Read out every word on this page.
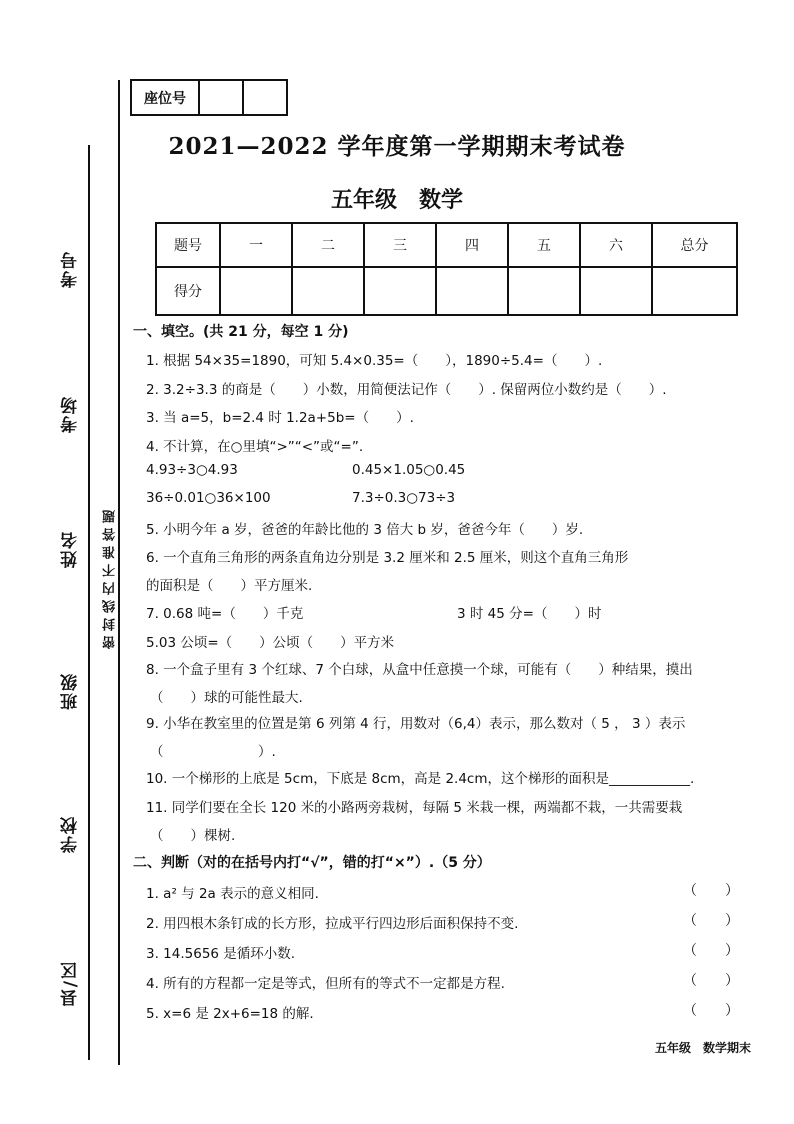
考号
考场
姓名
班级
学校
县/区
密封线内不准答题
座位号
2021—2022 学年度第一学期期末考试卷
五年级　数学
题号	一	二	三	四	五	六	总分
得分							
一、填空。(共 21 分，每空 1 分)
1. 根据 54×35=1890，可知 5.4×0.35=（　　），1890÷5.4=（　　）.
2. 3.2÷3.3 的商是（　　）小数，用简便法记作（　　）. 保留两位小数约是（　　）.
3. 当 a=5，b=2.4 时 1.2a+5b=（　　）.
4. 不计算，在○里填“>”“<”或“=”.
4.93÷3○4.93	0.45×1.05○0.45
36÷0.01○36×100	7.3÷0.3○73÷3
5. 小明今年 a 岁，爸爸的年龄比他的 3 倍大 b 岁，爸爸今年（　　）岁.
6. 一个直角三角形的两条直角边分别是 3.2 厘米和 2.5 厘米，则这个直角三角形
的面积是（　　）平方厘米.
7. 0.68 吨=（　　）千克	3 时 45 分=（　　）时
5.03 公顷=（　　）公顷（　　）平方米
8. 一个盒子里有 3 个红球、7 个白球，从盒中任意摸一个球，可能有（　　）种结果，摸出
（　　）球的可能性最大.
9. 小华在教室里的位置是第 6 列第 4 行，用数对（6,4）表示，那么数对（ 5 ， 3 ）表示
（　　　　　　　）.
10. 一个梯形的上底是 5cm，下底是 8cm，高是 2.4cm，这个梯形的面积是____________.
11. 同学们要在全长 120 米的小路两旁栽树，每隔 5 米栽一棵，两端都不栽，一共需要栽
（　　）棵树.
二、判断（对的在括号内打“√”，错的打“×”）.（5 分）
1. a² 与 2a 表示的意义相同.	（　　）
2. 用四根木条钉成的长方形，拉成平行四边形后面积保持不变.	（　　）
3. 14.5656 是循环小数.	（　　）
4. 所有的方程都一定是等式，但所有的等式不一定都是方程.	（　　）
5. x=6 是 2x+6=18 的解.	（　　）
五年级　数学期末
